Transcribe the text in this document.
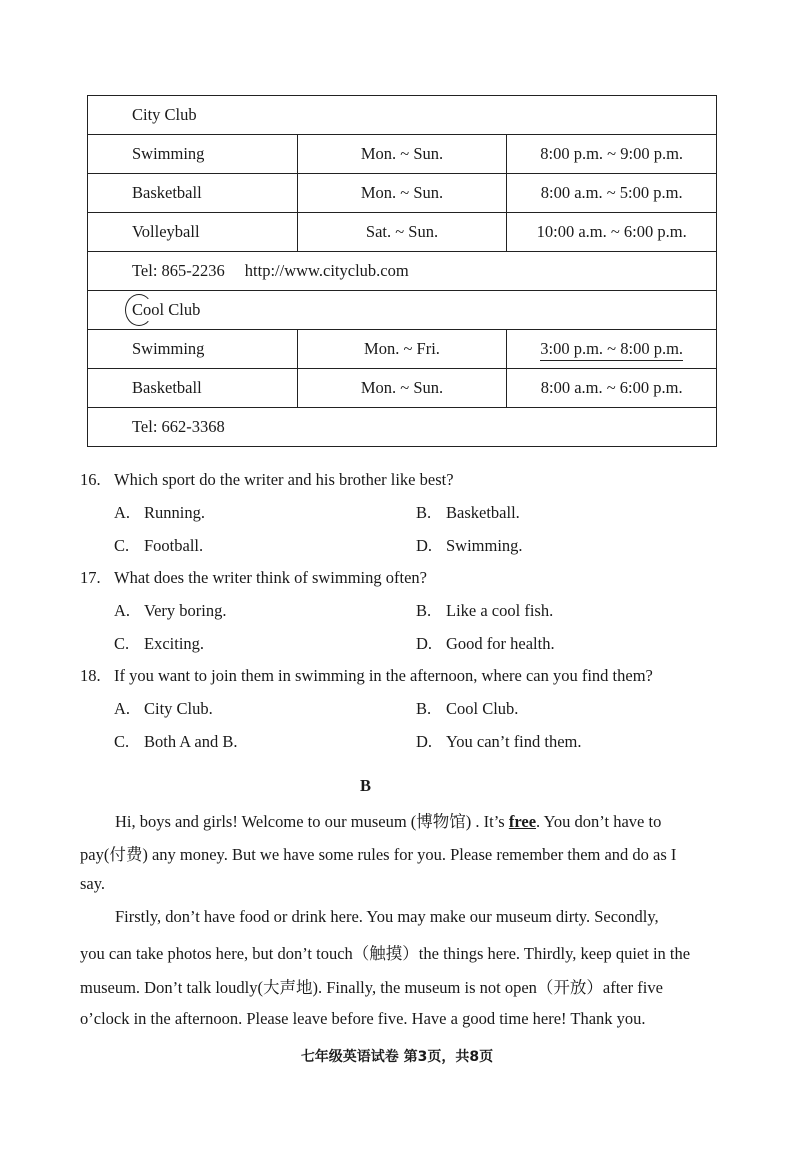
City Club		
Swimming	Mon. ~ Sun.	8:00 p.m. ~ 9:00 p.m.
Basketball	Mon. ~ Sun.	8:00 a.m. ~ 5:00 p.m.
Volleyball	Sat. ~ Sun.	10:00 a.m. ~ 6:00 p.m.
Tel: 865-2236 http://www.cityclub.com		

Cool Club		
Swimming	Mon. ~ Fri.	3:00 p.m. ~ 8:00 p.m.
Basketball	Mon. ~ Sun.	8:00 a.m. ~ 6:00 p.m.
Tel: 662-3368		
16. Which sport do the writer and his brother like best?
A. Running.	B. Basketball.
C. Football.	D. Swimming.
17. What does the writer think of swimming often?
A. Very boring.	B. Like a cool fish.
C. Exciting.	D. Good for health.
18. If you want to join them in swimming in the afternoon, where can you find them?
A. City Club.	B. Cool Club.
C. Both A and B.	D. You can’t find them.
B
Hi, boys and girls! Welcome to our museum (博物馆) . It’s free. You don’t have to
pay(付费) any money. But we have some rules for you. Please remember them and do as I
say.
Firstly, don’t have food or drink here. You may make our museum dirty. Secondly,
you can take photos here, but don’t touch（触摸）the things here. Thirdly, keep quiet in the
museum. Don’t talk loudly(大声地). Finally, the museum is not open（开放）after five
o’clock in the afternoon. Please leave before five. Have a good time here! Thank you.
七年级英语试卷 第3页，共8页
